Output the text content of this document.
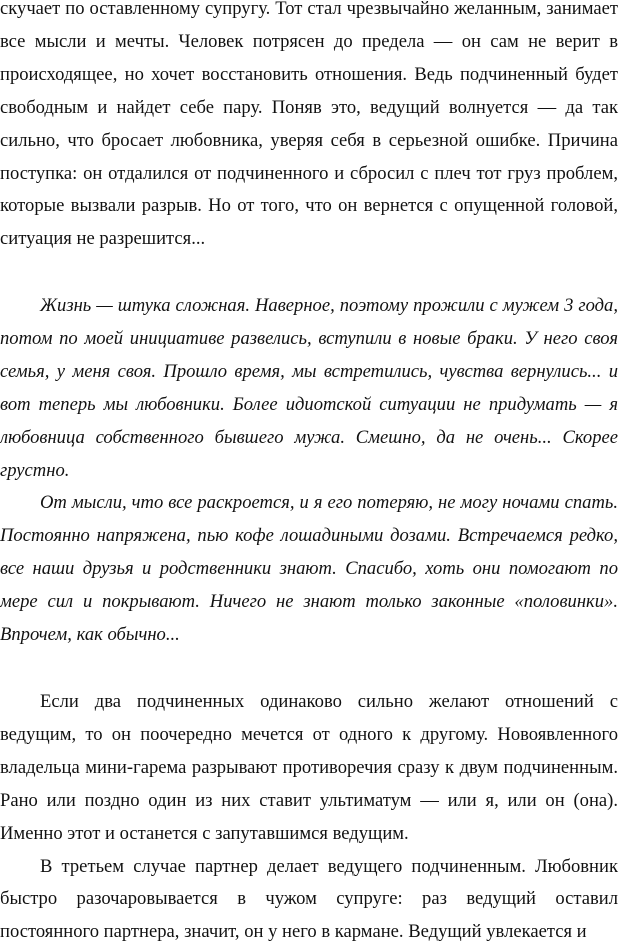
скучает по оставленному супругу. Тот стал чрезвычайно желанным, занимает все мысли и мечты. Человек потрясен до предела — он сам не верит в происходящее, но хочет восстановить отношения. Ведь подчиненный будет свободным и найдет себе пару. Поняв это, ведущий волнуется — да так сильно, что бросает любовника, уверяя себя в серьезной ошибке. Причина поступка: он отдалился от подчиненного и сбросил с плеч тот груз проблем, которые вызвали разрыв. Но от того, что он вернется с опущенной головой, ситуация не разрешится...

Жизнь — штука сложная. Наверное, поэтому прожили с мужем 3 года, потом по моей инициативе развелись, вступили в новые браки. У него своя семья, у меня своя. Прошло время, мы встретились, чувства вернулись... и вот теперь мы любовники. Более идиотской ситуации не придумать — я любовница собственного бывшего мужа. Смешно, да не очень... Скорее грустно.

От мысли, что все раскроется, и я его потеряю, не могу ночами спать. Постоянно напряжена, пью кофе лошадиными дозами. Встречаемся редко, все наши друзья и родственники знают. Спасибо, хоть они помогают по мере сил и покрывают. Ничего не знают только законные «половинки». Впрочем, как обычно...

Если два подчиненных одинаково сильно желают отношений с ведущим, то он поочередно мечется от одного к другому. Новоявленного владельца мини-гарема разрывают противоречия сразу к двум подчиненным. Рано или поздно один из них ставит ультиматум — или я, или он (она). Именно этот и останется с запутавшимся ведущим.

В третьем случае партнер делает ведущего подчиненным. Любовник быстро разочаровывается в чужом супруге: раз ведущий оставил постоянного партнера, значит, он у него в кармане. Ведущий увлекается и
